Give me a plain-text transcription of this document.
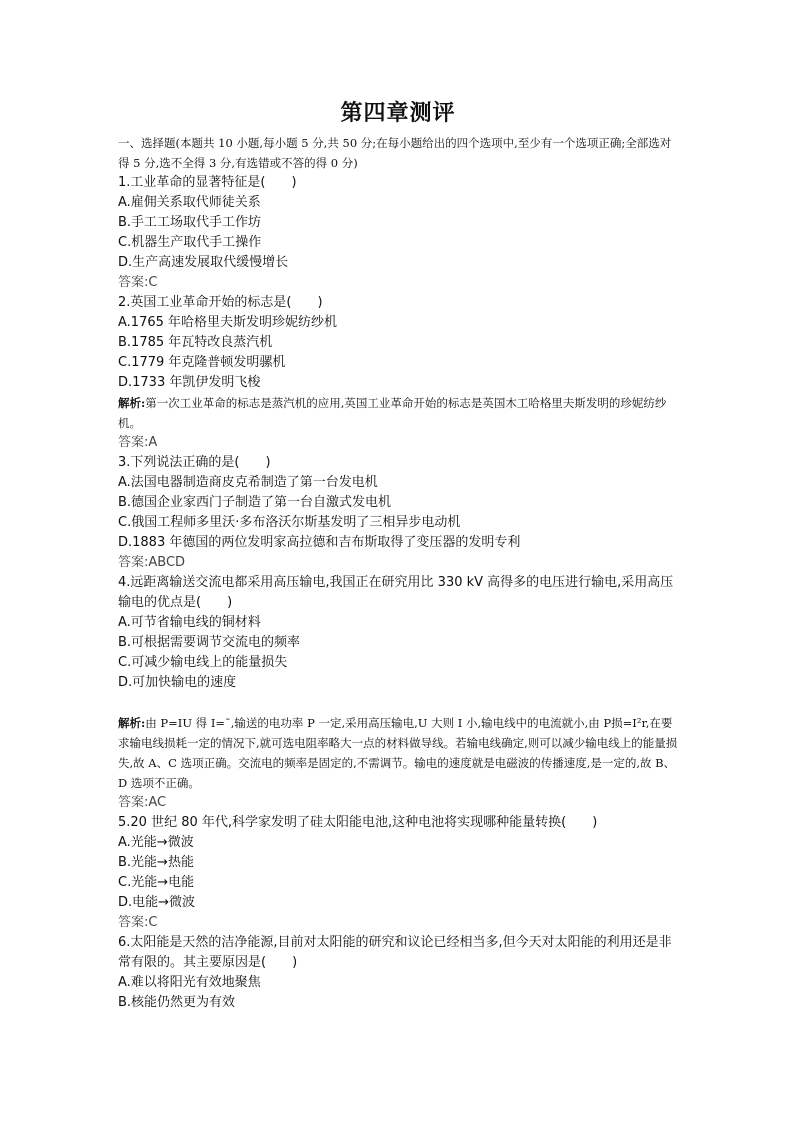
第四章测评
一、选择题(本题共 10 小题,每小题 5 分,共 50 分;在每小题给出的四个选项中,至少有一个选项正确;全部选对得 5 分,选不全得 3 分,有选错或不答的得 0 分)
1.工业革命的显著特征是(　　)
A.雇佣关系取代师徒关系
B.手工工场取代手工作坊
C.机器生产取代手工操作
D.生产高速发展取代缓慢增长
答案:C
2.英国工业革命开始的标志是(　　)
A.1765 年哈格里夫斯发明珍妮纺纱机
B.1785 年瓦特改良蒸汽机
C.1779 年克隆普顿发明骡机
D.1733 年凯伊发明飞梭
解析:第一次工业革命的标志是蒸汽机的应用,英国工业革命开始的标志是英国木工哈格里夫斯发明的珍妮纺纱机。
答案:A
3.下列说法正确的是(　　)
A.法国电器制造商皮克希制造了第一台发电机
B.德国企业家西门子制造了第一台自激式发电机
C.俄国工程师多里沃·多布洛沃尔斯基发明了三相异步电动机
D.1883 年德国的两位发明家高拉德和吉布斯取得了变压器的发明专利
答案:ABCD
4.远距离输送交流电都采用高压输电,我国正在研究用比 330 kV 高得多的电压进行输电,采用高压输电的优点是(　　)
A.可节省输电线的铜材料
B.可根据需要调节交流电的频率
C.可减少输电线上的能量损失
D.可加快输电的速度
解析:由 P=IU 得 I=¯,输送的电功率 P 一定,采用高压输电,U 大则 I 小,输电线中的电流就小,由 P损=I²r,在要求输电线损耗一定的情况下,就可选电阻率略大一点的材料做导线。若输电线确定,则可以减少输电线上的能量损失,故 A、C 选项正确。交流电的频率是固定的,不需调节。输电的速度就是电磁波的传播速度,是一定的,故 B、D 选项不正确。
答案:AC
5.20 世纪 80 年代,科学家发明了硅太阳能电池,这种电池将实现哪种能量转换(　　)
A.光能→微波
B.光能→热能
C.光能→电能
D.电能→微波
答案:C
6.太阳能是天然的洁净能源,目前对太阳能的研究和议论已经相当多,但今天对太阳能的利用还是非常有限的。其主要原因是(　　)
A.难以将阳光有效地聚焦
B.核能仍然更为有效
